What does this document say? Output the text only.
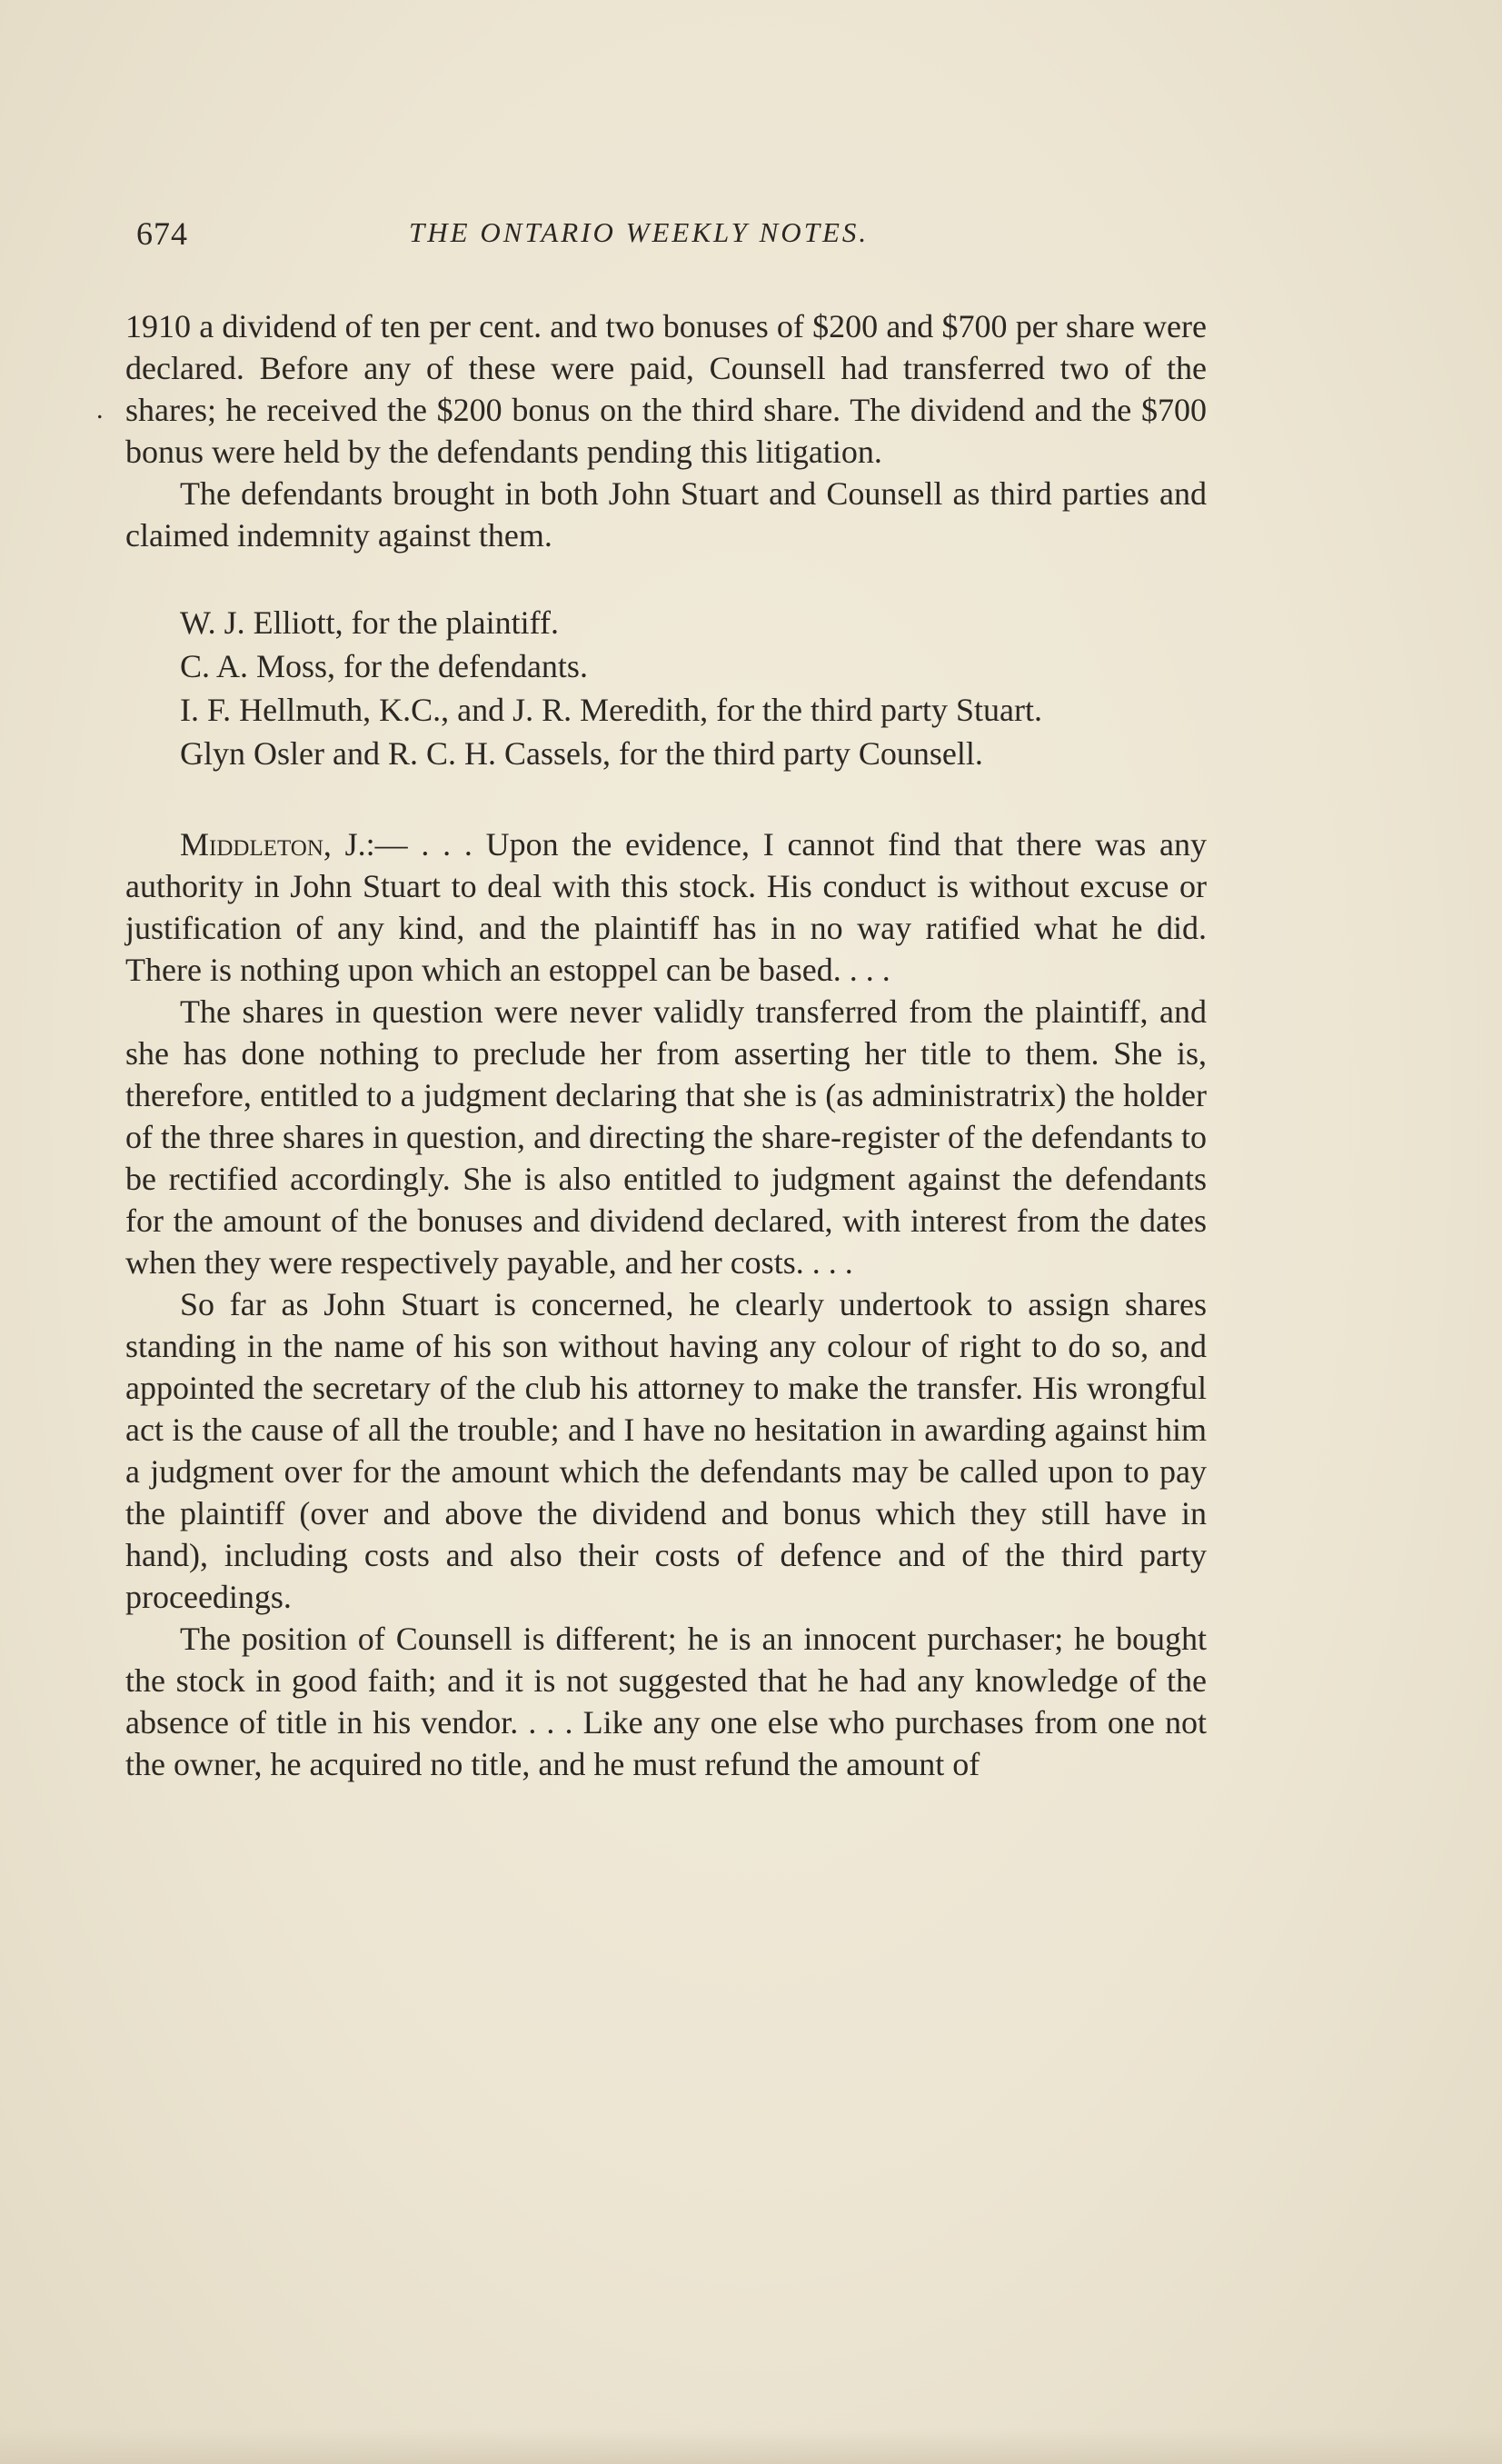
674	THE ONTARIO WEEKLY NOTES.
.

1910 a dividend of ten per cent. and two bonuses of $200 and $700 per share were declared. Before any of these were paid, Counsell had transferred two of the shares; he received the $200 bonus on the third share. The dividend and the $700 bonus were held by the defendants pending this litigation.

The defendants brought in both John Stuart and Counsell as third parties and claimed indemnity against them.

W. J. Elliott, for the plaintiff.

C. A. Moss, for the defendants.

I. F. Hellmuth, K.C., and J. R. Meredith, for the third party Stuart.

Glyn Osler and R. C. H. Cassels, for the third party Counsell.

Middleton, J.:— . . . Upon the evidence, I cannot find that there was any authority in John Stuart to deal with this stock. His conduct is without excuse or justification of any kind, and the plaintiff has in no way ratified what he did. There is nothing upon which an estoppel can be based. . . .

The shares in question were never validly transferred from the plaintiff, and she has done nothing to preclude her from asserting her title to them. She is, therefore, entitled to a judgment declaring that she is (as administratrix) the holder of the three shares in question, and directing the share-register of the defendants to be rectified accordingly. She is also entitled to judgment against the defendants for the amount of the bonuses and dividend declared, with interest from the dates when they were respectively payable, and her costs. . . .

So far as John Stuart is concerned, he clearly undertook to assign shares standing in the name of his son without having any colour of right to do so, and appointed the secretary of the club his attorney to make the transfer. His wrongful act is the cause of all the trouble; and I have no hesitation in awarding against him a judgment over for the amount which the defendants may be called upon to pay the plaintiff (over and above the dividend and bonus which they still have in hand), including costs and also their costs of defence and of the third party proceedings.

The position of Counsell is different; he is an innocent purchaser; he bought the stock in good faith; and it is not suggested that he had any knowledge of the absence of title in his vendor. . . . Like any one else who purchases from one not the owner, he acquired no title, and he must refund the amount of
